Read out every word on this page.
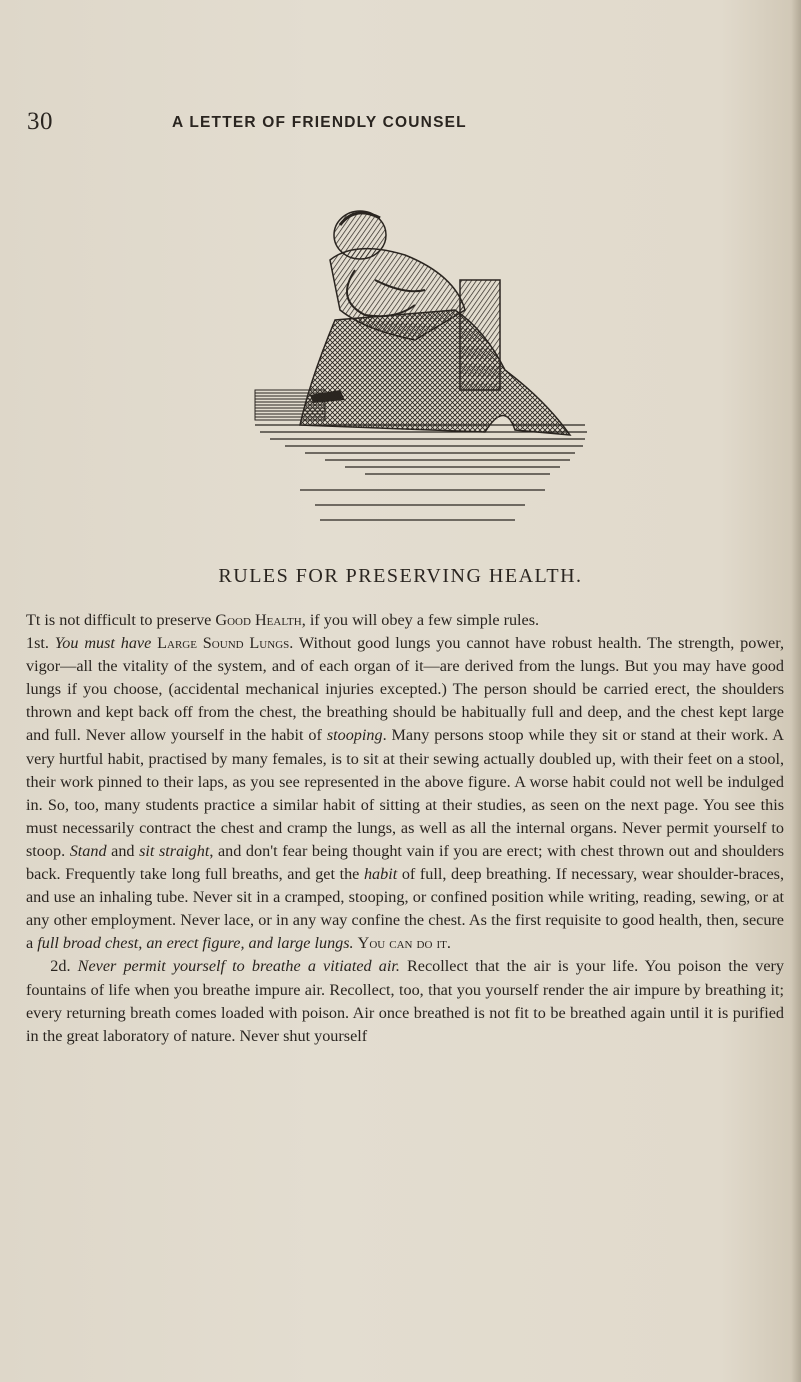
30	A LETTER OF FRIENDLY COUNSEL
RULES FOR PRESERVING HEALTH.

Tt is not difficult to preserve Good Health, if you will obey a few simple rules.
1st. You must have Large Sound Lungs. Without good lungs you cannot have robust health. The strength, power, vigor—all the vitality of the system, and of each organ of it—are derived from the lungs. But you may have good lungs if you choose, (accidental mechanical injuries excepted.) The person should be carried erect, the shoulders thrown and kept back off from the chest, the breathing should be habitually full and deep, and the chest kept large and full. Never allow yourself in the habit of stooping. Many persons stoop while they sit or stand at their work. A very hurtful habit, practised by many females, is to sit at their sewing actually doubled up, with their feet on a stool, their work pinned to their laps, as you see represented in the above figure. A worse habit could not well be indulged in. So, too, many students practice a similar habit of sitting at their studies, as seen on the next page. You see this must necessarily contract the chest and cramp the lungs, as well as all the internal organs. Never permit yourself to stoop. Stand and sit straight, and don't fear being thought vain if you are erect; with chest thrown out and shoulders back. Frequently take long full breaths, and get the habit of full, deep breathing. If necessary, wear shoulder-braces, and use an inhaling tube. Never sit in a cramped, stooping, or confined position while writing, reading, sewing, or at any other employment. Never lace, or in any way confine the chest. As the first requisite to good health, then, secure a full broad chest, an erect figure, and large lungs. You can do it.

2d. Never permit yourself to breathe a vitiated air. Recollect that the air is your life. You poison the very fountains of life when you breathe impure air. Recollect, too, that you yourself render the air impure by breathing it; every returning breath comes loaded with poison. Air once breathed is not fit to be breathed again until it is purified in the great laboratory of nature. Never shut yourself
